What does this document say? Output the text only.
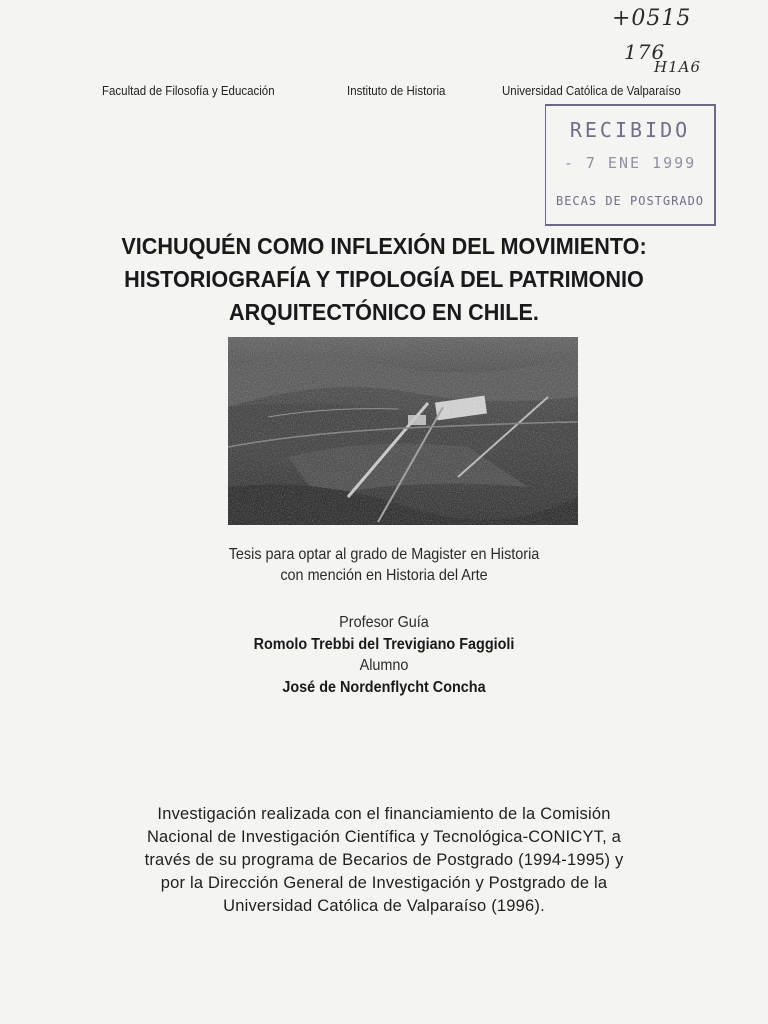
+0515
176
H1A6
Facultad de Filosofía y Educación	Instituto de Historia	Universidad Católica de Valparaíso
RECIBIDO
- 7 ENE 1999
BECAS DE POSTGRADO
VICHUQUÉN COMO INFLEXIÓN DEL MOVIMIENTO:
HISTORIOGRAFÍA Y TIPOLOGÍA DEL PATRIMONIO
ARQUITECTÓNICO EN CHILE.
Tesis para optar al grado de Magister en Historia
con mención en Historia del Arte
Profesor Guía
Romolo Trebbi del Trevigiano Faggioli
Alumno
José de Nordenflycht Concha
Investigación realizada con el financiamiento de la Comisión
Nacional de Investigación Científica y Tecnológica-CONICYT, a
través de su programa de Becarios de Postgrado (1994-1995) y
por la Dirección General de Investigación y Postgrado de la
Universidad Católica de Valparaíso (1996).
